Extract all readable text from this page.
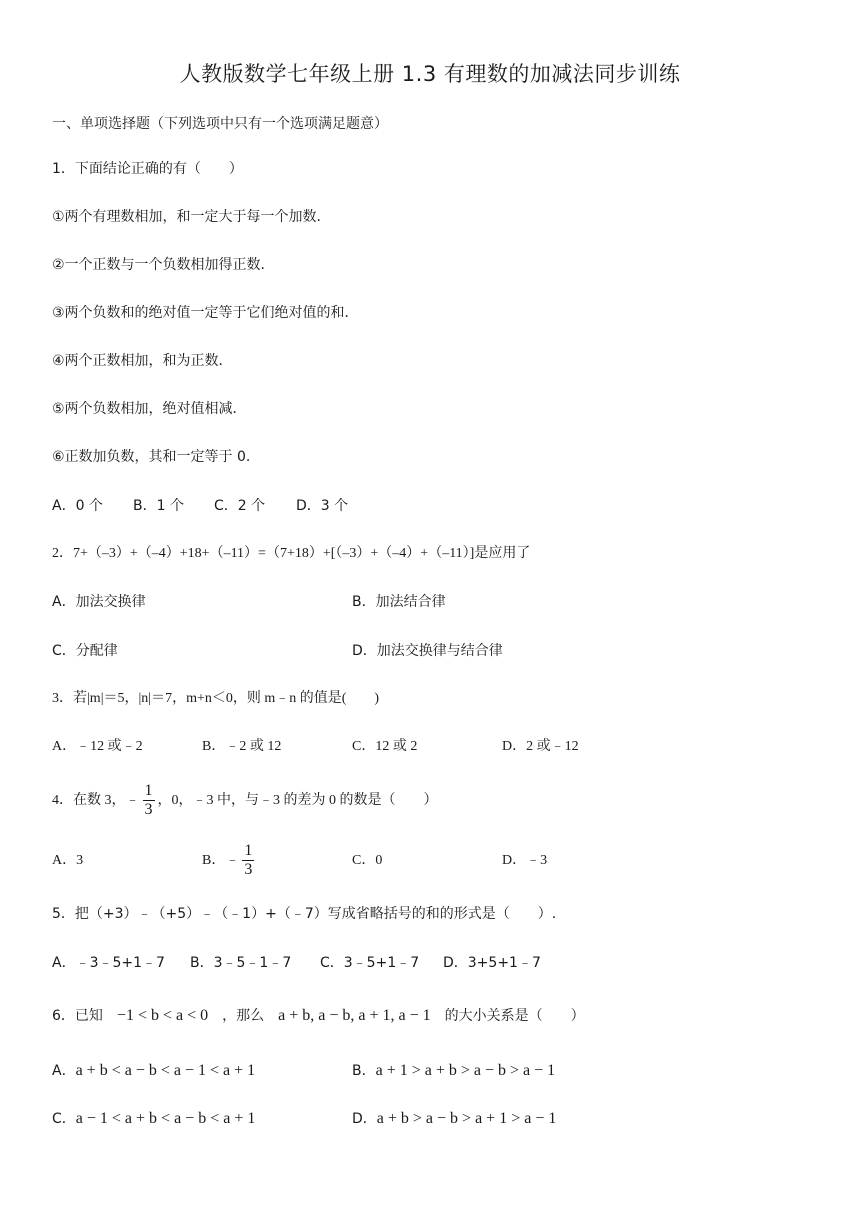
人教版数学七年级上册 1.3 有理数的加减法同步训练
一、单项选择题（下列选项中只有一个选项满足题意）
1．下面结论正确的有（　　）
①两个有理数相加，和一定大于每一个加数．
②一个正数与一个负数相加得正数．
③两个负数和的绝对值一定等于它们绝对值的和．
④两个正数相加，和为正数．
⑤两个负数相加，绝对值相减．
⑥正数加负数，其和一定等于 0.
A．0 个 B．1 个 C．2 个 D．3 个
2．7+（–3）+（–4）+18+（–11）=（7+18）+[（–3）+（–4）+（–11）]是应用了
A．加法交换律	B．加法结合律
C．分配律	D．加法交换律与结合律
3．若|m|＝5，|n|＝7，m+n＜0，则 m﹣n 的值是(　　)
A．﹣12 或﹣2	B．﹣2 或 12	C．12 或 2	D．2 或﹣12
4．在数 3，﹣ $\frac{1}{3}$ ，0，﹣3 中，与﹣3 的差为 0 的数是（　　）
A．3	B．﹣ $\frac{1}{3}$	C．0	D．﹣3
5．把（+3）﹣（+5）﹣（﹣1）+（﹣7）写成省略括号的和的形式是（　　）.
A．﹣3﹣5+1﹣7 B．3﹣5﹣1﹣7 C．3﹣5+1﹣7 D．3+5+1﹣7
6．已知 −1 < b < a < 0 ，那么 a + b, a − b, a + 1, a − 1 的大小关系是（　　）
A．a + b < a − b < a − 1 < a + 1	B．a + 1 > a + b > a − b > a − 1
C．a − 1 < a + b < a − b < a + 1	D．a + b > a − b > a + 1 > a − 1
